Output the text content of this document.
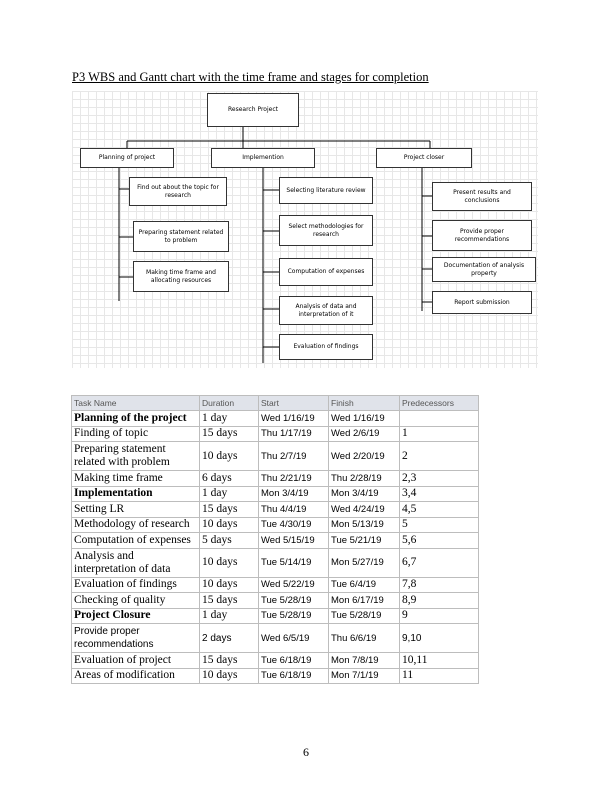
P3 WBS and Gantt chart with the time frame and stages for completion
Research Project
Planning of project	Implemention	Project closer
Find out about the topic for research
Preparing statement related to problem
Making time frame and allocating resources
Selecting literature review
Select methodologies for research
Computation of expenses
Analysis of data and interpretation of it
Evaluation of findings
Present results and conclusions
Provide proper recommendations
Documentation of analysis property
Report submission
Task Name	Duration	Start	Finish	Predecessors
Planning of the project	1 day	Wed 1/16/19	Wed 1/16/19	
Finding of topic	15 days	Thu 1/17/19	Wed 2/6/19	1
Preparing statement related with problem	10 days	Thu 2/7/19	Wed 2/20/19	2
Making time frame	6 days	Thu 2/21/19	Thu 2/28/19	2,3
Implementation	1 day	Mon 3/4/19	Mon 3/4/19	3,4
Setting LR	15 days	Thu 4/4/19	Wed 4/24/19	4,5
Methodology of research	10 days	Tue 4/30/19	Mon 5/13/19	5
Computation of expenses	5 days	Wed 5/15/19	Tue 5/21/19	5,6
Analysis and interpretation of data	10 days	Tue 5/14/19	Mon 5/27/19	6,7
Evaluation of findings	10 days	Wed 5/22/19	Tue 6/4/19	7,8
Checking of quality	15 days	Tue 5/28/19	Mon 6/17/19	8,9
Project Closure	1 day	Tue 5/28/19	Tue 5/28/19	9
Provide proper recommendations	2 days	Wed 6/5/19	Thu 6/6/19	9,10
Evaluation of project	15 days	Tue 6/18/19	Mon 7/8/19	10,11
Areas of modification	10 days	Tue 6/18/19	Mon 7/1/19	11
6
